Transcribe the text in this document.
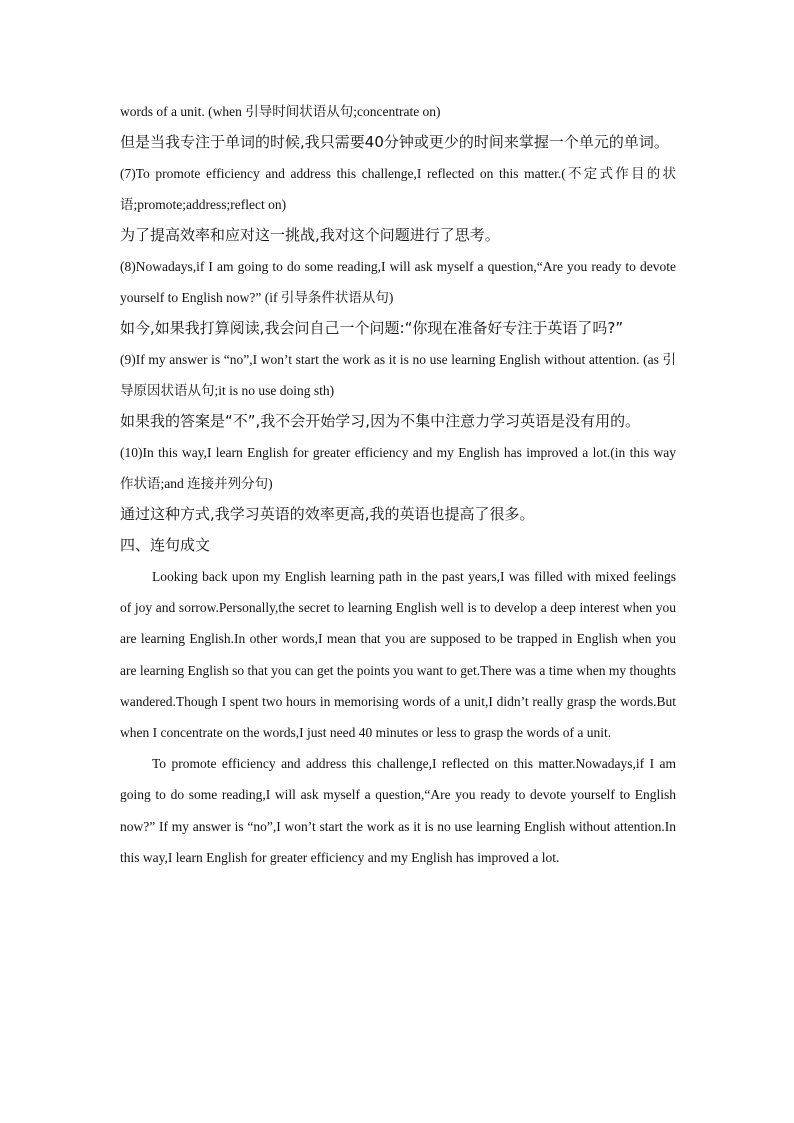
words of a unit. (when 引导时间状语从句;concentrate on)

但是当我专注于单词的时候,我只需要40分钟或更少的时间来掌握一个单元的单词。

(7)To promote efficiency and address this challenge,I reflected on this matter.(不定式作目的状语;promote;address;reflect on)

为了提高效率和应对这一挑战,我对这个问题进行了思考。

(8)Nowadays,if I am going to do some reading,I will ask myself a question,“Are you ready to devote yourself to English now?” (if 引导条件状语从句)

如今,如果我打算阅读,我会问自己一个问题:“你现在准备好专注于英语了吗?”

(9)If my answer is “no”,I won’t start the work as it is no use learning English without attention. (as 引导原因状语从句;it is no use doing sth)

如果我的答案是“不”,我不会开始学习,因为不集中注意力学习英语是没有用的。

(10)In this way,I learn English for greater efficiency and my English has improved a lot.(in this way 作状语;and 连接并列分句)

通过这种方式,我学习英语的效率更高,我的英语也提高了很多。

四、连句成文

Looking back upon my English learning path in the past years,I was filled with mixed feelings of joy and sorrow.Personally,the secret to learning English well is to develop a deep interest when you are learning English.In other words,I mean that you are supposed to be trapped in English when you are learning English so that you can get the points you want to get.There was a time when my thoughts wandered.Though I spent two hours in memorising words of a unit,I didn’t really grasp the words.But when I concentrate on the words,I just need 40 minutes or less to grasp the words of a unit.

To promote efficiency and address this challenge,I reflected on this matter.Nowadays,if I am going to do some reading,I will ask myself a question,“Are you ready to devote yourself to English now?” If my answer is “no”,I won’t start the work as it is no use learning English without attention.In this way,I learn English for greater efficiency and my English has improved a lot.
